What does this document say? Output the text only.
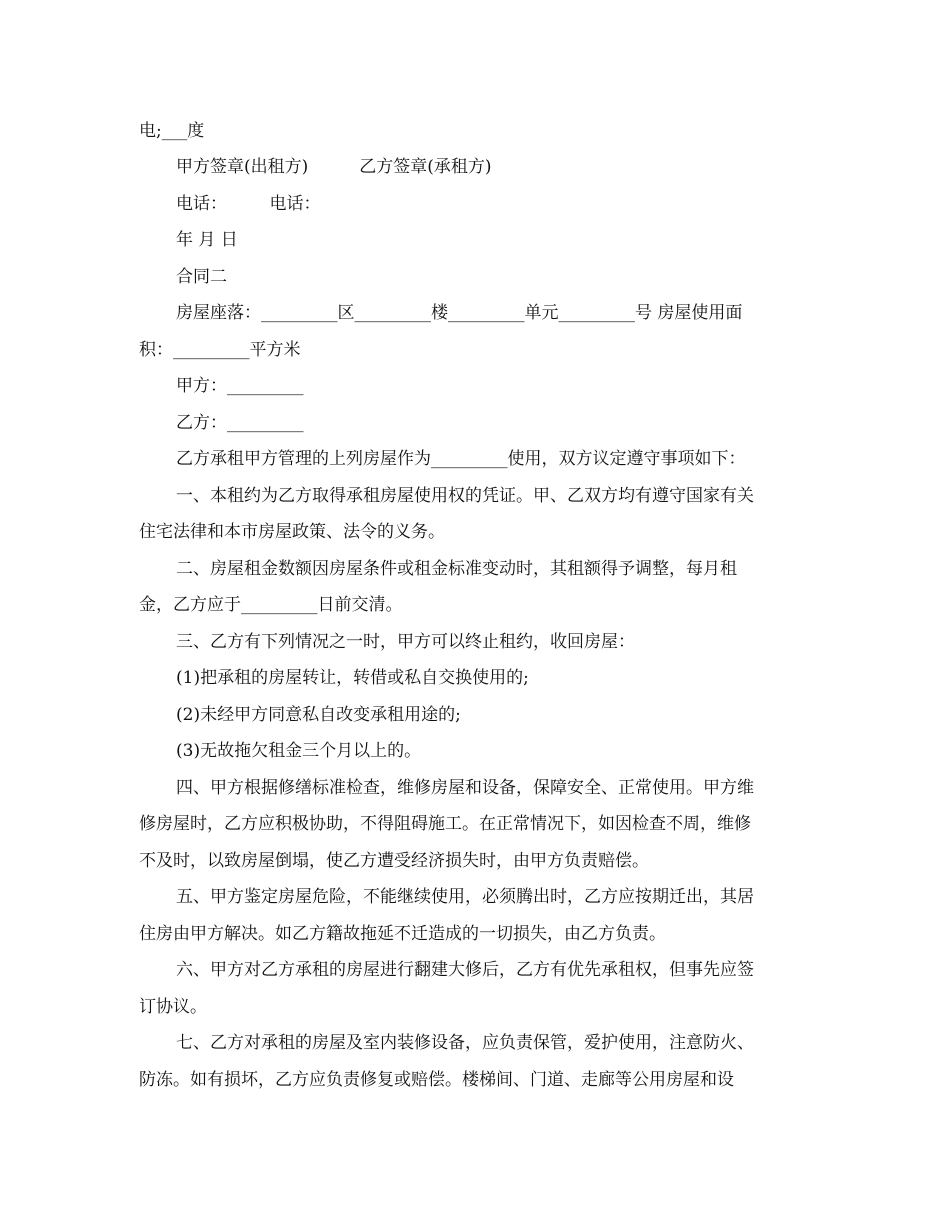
电;___度
甲方签章(出租方)　　　乙方签章(承租方)
电话：　　　电话：
年 月 日
合同二
房屋座落：_________区_________楼_________单元_________号 房屋使用面
积：_________平方米
甲方：_________
乙方：_________
乙方承租甲方管理的上列房屋作为_________使用，双方议定遵守事项如下：
一、本租约为乙方取得承租房屋使用权的凭证。甲、乙双方均有遵守国家有关
住宅法律和本市房屋政策、法令的义务。
二、房屋租金数额因房屋条件或租金标准变动时，其租额得予调整，每月租
金，乙方应于_________日前交清。
三、乙方有下列情况之一时，甲方可以终止租约，收回房屋：
(1)把承租的房屋转让，转借或私自交换使用的;
(2)未经甲方同意私自改变承租用途的;
(3)无故拖欠租金三个月以上的。
四、甲方根据修缮标准检查，维修房屋和设备，保障安全、正常使用。甲方维
修房屋时，乙方应积极协助，不得阻碍施工。在正常情况下，如因检查不周，维修
不及时，以致房屋倒塌，使乙方遭受经济损失时，由甲方负责赔偿。
五、甲方鉴定房屋危险，不能继续使用，必须腾出时，乙方应按期迁出，其居
住房由甲方解决。如乙方籍故拖延不迁造成的一切损失，由乙方负责。
六、甲方对乙方承租的房屋进行翻建大修后，乙方有优先承租权，但事先应签
订协议。
七、乙方对承租的房屋及室内装修设备，应负责保管，爱护使用，注意防火、
防冻。如有损坏，乙方应负责修复或赔偿。楼梯间、门道、走廊等公用房屋和设
